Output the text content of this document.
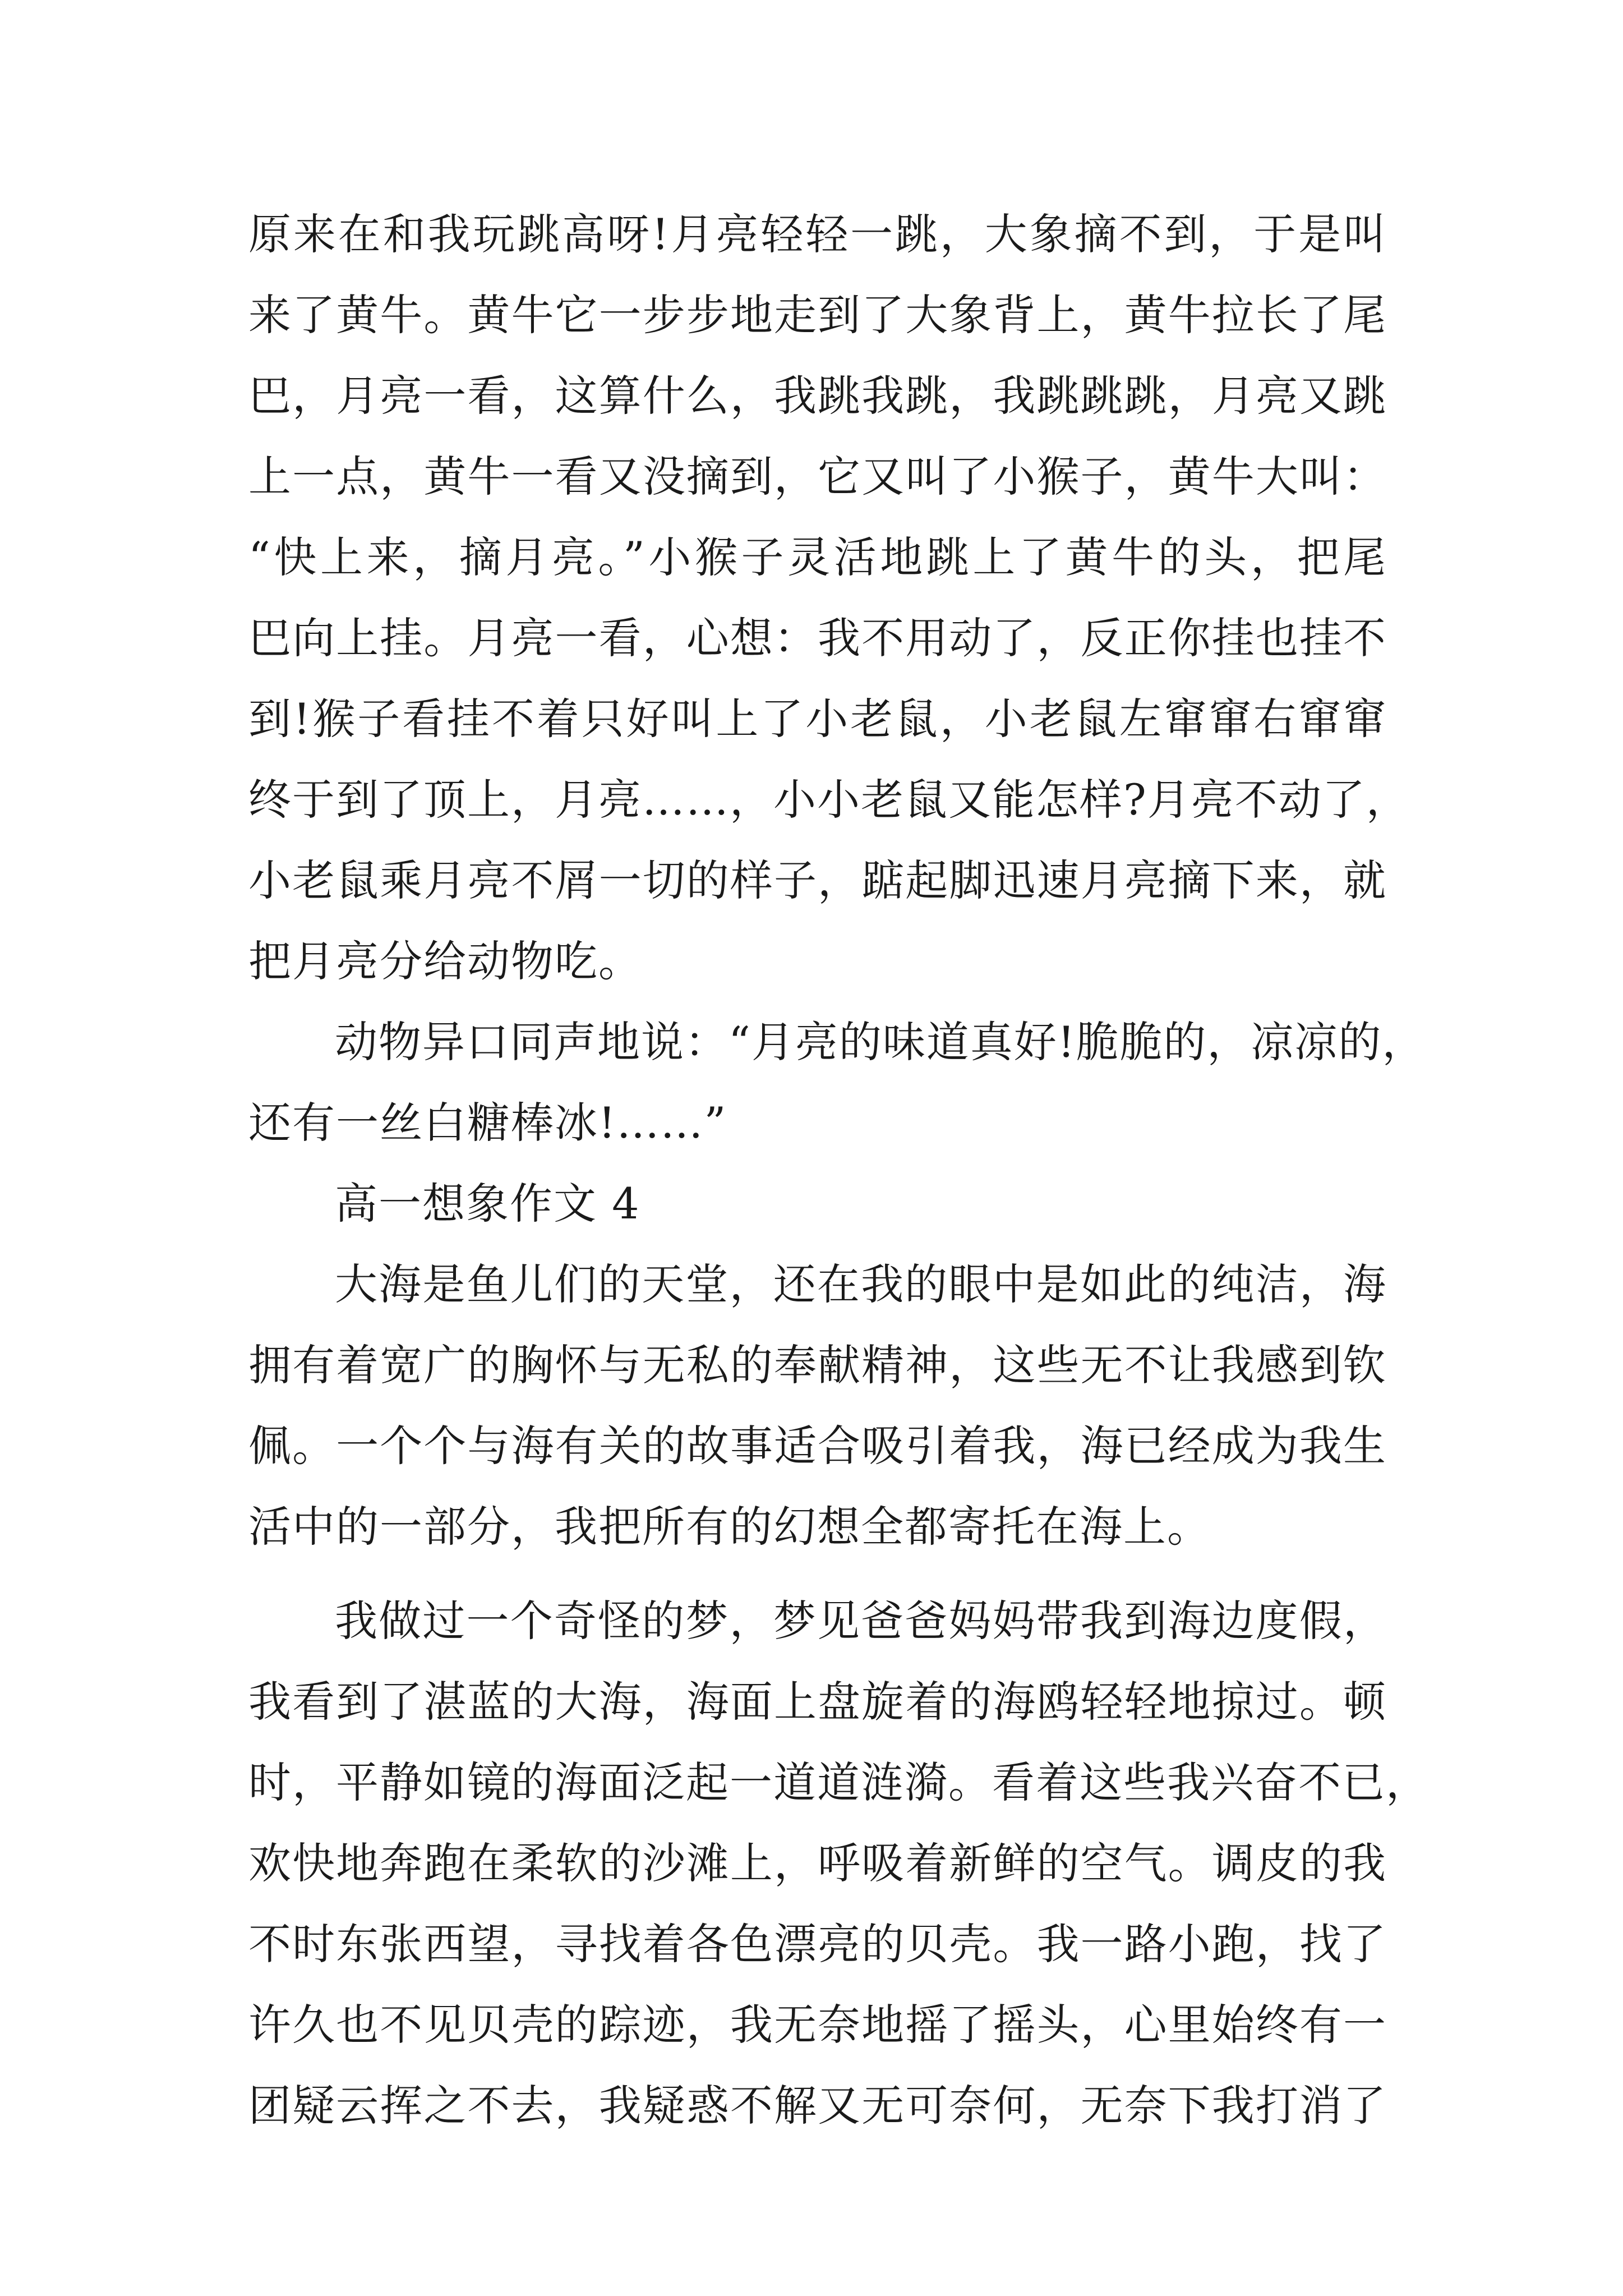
原来在和我玩跳高呀!月亮轻轻一跳，大象摘不到，于是叫
来了黄牛。黄牛它一步步地走到了大象背上，黄牛拉长了尾
巴，月亮一看，这算什么，我跳我跳，我跳跳跳，月亮又跳
上一点，黄牛一看又没摘到，它又叫了小猴子，黄牛大叫：
“快上来，摘月亮。”小猴子灵活地跳上了黄牛的头，把尾
巴向上挂。月亮一看，心想：我不用动了，反正你挂也挂不
到!猴子看挂不着只好叫上了小老鼠，小老鼠左窜窜右窜窜
终于到了顶上，月亮……，小小老鼠又能怎样?月亮不动了，
小老鼠乘月亮不屑一切的样子，踮起脚迅速月亮摘下来，就
把月亮分给动物吃。
动物异口同声地说：“月亮的味道真好!脆脆的，凉凉的，
还有一丝白糖棒冰!……”
高一想象作文 4
大海是鱼儿们的天堂，还在我的眼中是如此的纯洁，海
拥有着宽广的胸怀与无私的奉献精神，这些无不让我感到钦
佩。一个个与海有关的故事适合吸引着我，海已经成为我生
活中的一部分，我把所有的幻想全都寄托在海上。
我做过一个奇怪的梦，梦见爸爸妈妈带我到海边度假，
我看到了湛蓝的大海，海面上盘旋着的海鸥轻轻地掠过。顿
时，平静如镜的海面泛起一道道涟漪。看着这些我兴奋不已，
欢快地奔跑在柔软的沙滩上，呼吸着新鲜的空气。调皮的我
不时东张西望，寻找着各色漂亮的贝壳。我一路小跑，找了
许久也不见贝壳的踪迹，我无奈地摇了摇头，心里始终有一
团疑云挥之不去，我疑惑不解又无可奈何，无奈下我打消了
